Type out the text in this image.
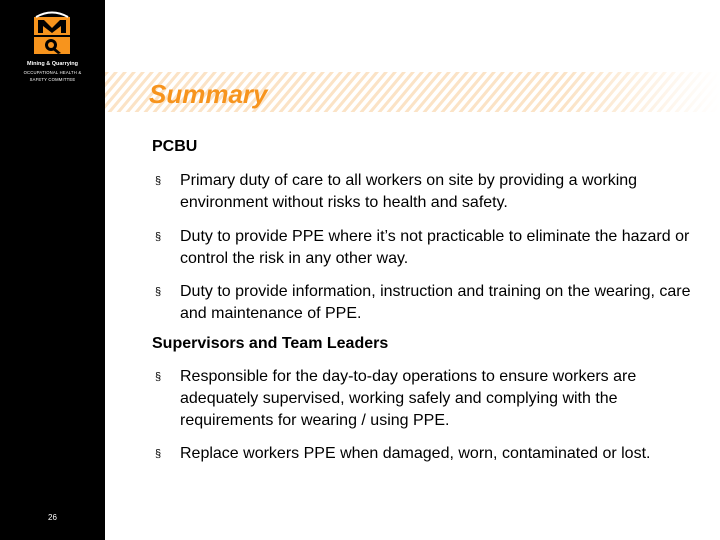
Mining & Quarrying
OCCUPATIONAL HEALTH &
SAFETY COMMITTEE
26
Summary
PCBU
§ Primary duty of care to all workers on site by providing a working environment without risks to health and safety.
§ Duty to provide PPE where it’s not practicable to eliminate the hazard or control the risk in any other way.
§ Duty to provide information, instruction and training on the wearing, care and maintenance of PPE.
Supervisors and Team Leaders
§ Responsible for the day-to-day operations to ensure workers are adequately supervised, working safely and complying with the requirements for wearing / using PPE.
§ Replace workers PPE when damaged, worn, contaminated or lost.
